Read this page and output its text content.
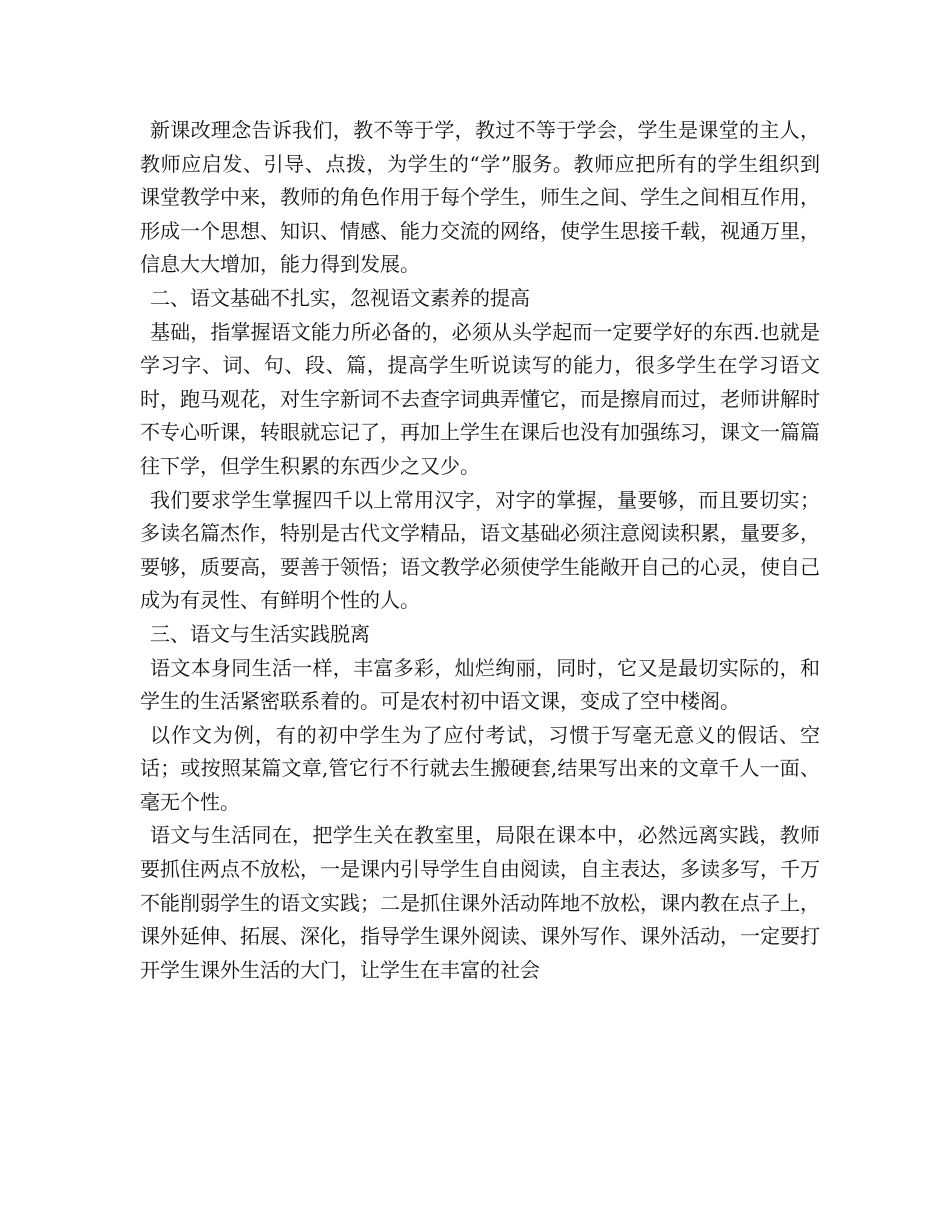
新课改理念告诉我们，教不等于学，教过不等于学会，学生是课堂的主人，教师应启发、引导、点拨，为学生的“学”服务。教师应把所有的学生组织到课堂教学中来，教师的角色作用于每个学生，师生之间、学生之间相互作用，形成一个思想、知识、情感、能力交流的网络，使学生思接千载，视通万里，信息大大增加，能力得到发展。

二、语文基础不扎实，忽视语文素养的提高

基础，指掌握语文能力所必备的，必须从头学起而一定要学好的东西.也就是学习字、词、句、段、篇，提高学生听说读写的能力，很多学生在学习语文时，跑马观花，对生字新词不去查字词典弄懂它，而是擦肩而过，老师讲解时不专心听课，转眼就忘记了，再加上学生在课后也没有加强练习，课文一篇篇往下学，但学生积累的东西少之又少。

我们要求学生掌握四千以上常用汉字，对字的掌握，量要够，而且要切实；多读名篇杰作，特别是古代文学精品，语文基础必须注意阅读积累，量要多，要够，质要高，要善于领悟；语文教学必须使学生能敞开自己的心灵，使自己成为有灵性、有鲜明个性的人。

三、语文与生活实践脱离

语文本身同生活一样，丰富多彩，灿烂绚丽，同时，它又是最切实际的，和学生的生活紧密联系着的。可是农村初中语文课，变成了空中楼阁。

以作文为例，有的初中学生为了应付考试，习惯于写毫无意义的假话、空话；或按照某篇文章,管它行不行就去生搬硬套,结果写出来的文章千人一面、毫无个性。

语文与生活同在，把学生关在教室里，局限在课本中，必然远离实践，教师要抓住两点不放松，一是课内引导学生自由阅读，自主表达，多读多写，千万不能削弱学生的语文实践；二是抓住课外活动阵地不放松，课内教在点子上，课外延伸、拓展、深化，指导学生课外阅读、课外写作、课外活动，一定要打开学生课外生活的大门，让学生在丰富的社会
